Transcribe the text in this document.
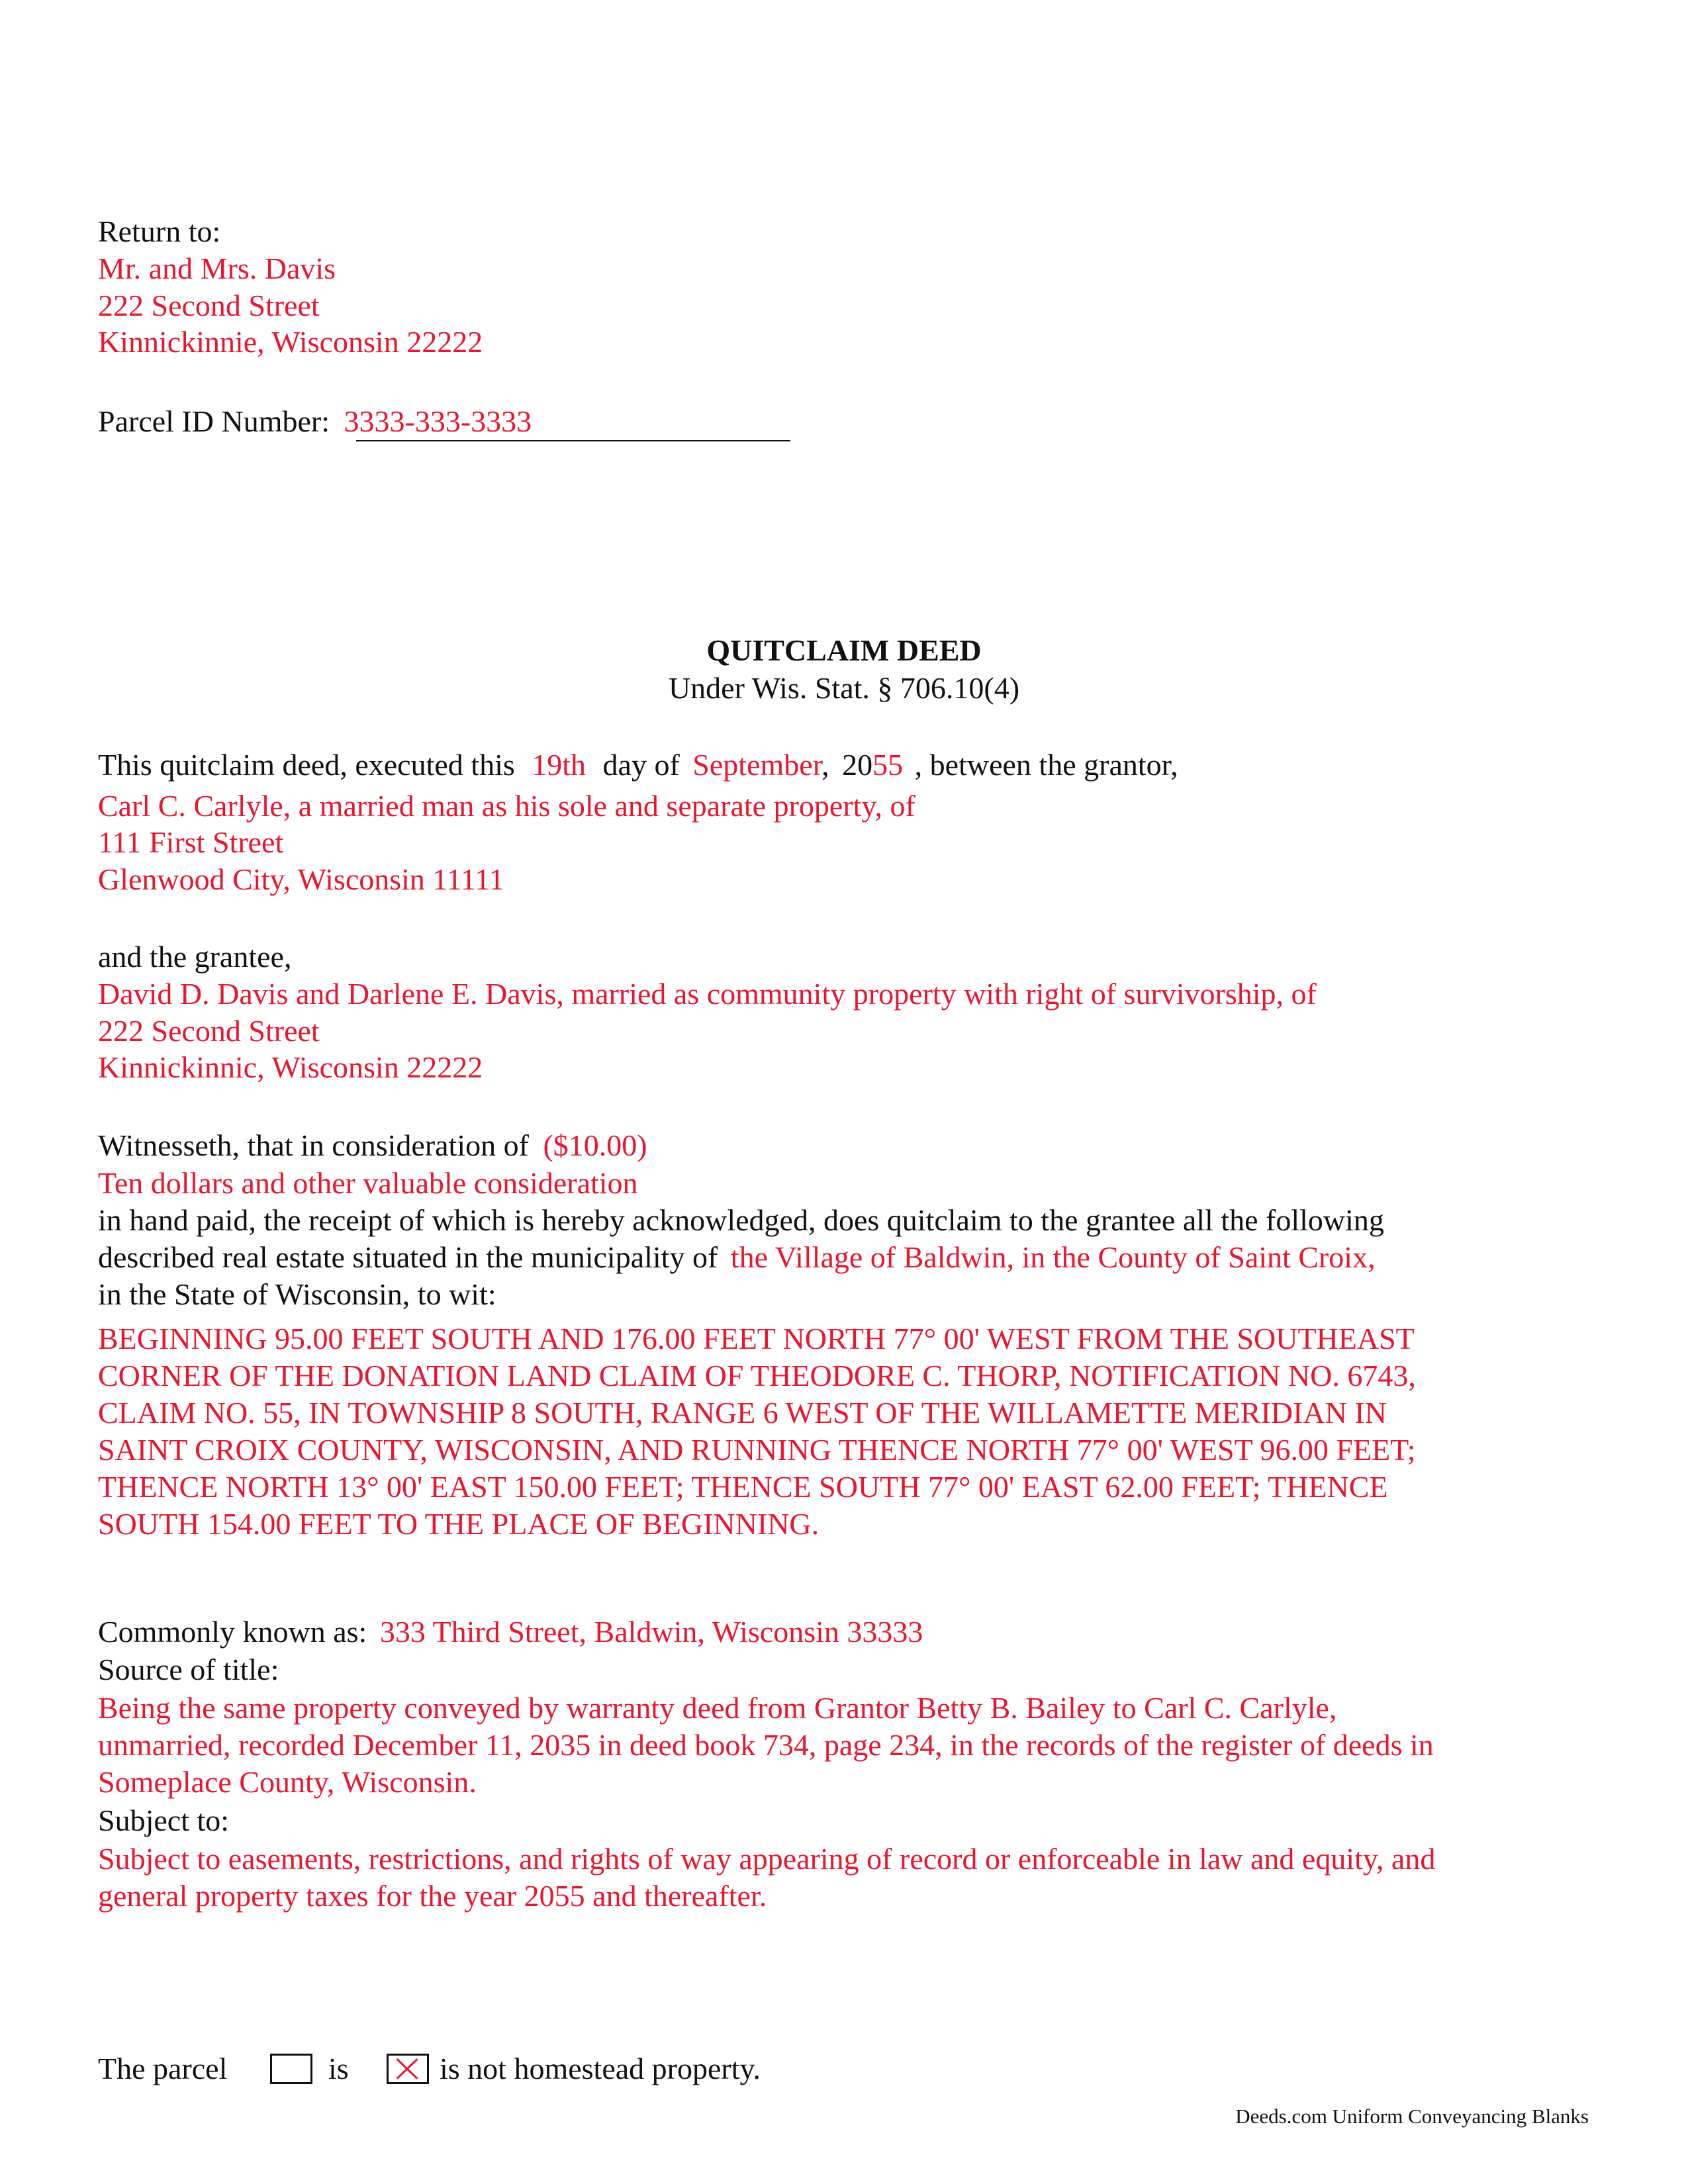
Return to:
Mr. and Mrs. Davis
222 Second Street
Kinnickinnie, Wisconsin 22222
Parcel ID Number: 3333-333-3333
QUITCLAIM DEED
Under Wis. Stat. § 706.10(4)
This quitclaim deed, executed this 19th day of September, 2055 , between the grantor,
Carl C. Carlyle, a married man as his sole and separate property, of
111 First Street
Glenwood City, Wisconsin 11111
and the grantee,
David D. Davis and Darlene E. Davis, married as community property with right of survivorship, of
222 Second Street
Kinnickinnic, Wisconsin 22222
Witnesseth, that in consideration of ($10.00)
Ten dollars and other valuable consideration
in hand paid, the receipt of which is hereby acknowledged, does quitclaim to the grantee all the following
described real estate situated in the municipality of the Village of Baldwin, in the County of Saint Croix,
in the State of Wisconsin, to wit:
BEGINNING 95.00 FEET SOUTH AND 176.00 FEET NORTH 77° 00' WEST FROM THE SOUTHEAST
CORNER OF THE DONATION LAND CLAIM OF THEODORE C. THORP, NOTIFICATION NO. 6743,
CLAIM NO. 55, IN TOWNSHIP 8 SOUTH, RANGE 6 WEST OF THE WILLAMETTE MERIDIAN IN
SAINT CROIX COUNTY, WISCONSIN, AND RUNNING THENCE NORTH 77° 00' WEST 96.00 FEET;
THENCE NORTH 13° 00' EAST 150.00 FEET; THENCE SOUTH 77° 00' EAST 62.00 FEET; THENCE
SOUTH 154.00 FEET TO THE PLACE OF BEGINNING.
Commonly known as: 333 Third Street, Baldwin, Wisconsin 33333
Source of title:
Being the same property conveyed by warranty deed from Grantor Betty B. Bailey to Carl C. Carlyle,
unmarried, recorded December 11, 2035 in deed book 734, page 234, in the records of the register of deeds in
Someplace County, Wisconsin.
Subject to:
Subject to easements, restrictions, and rights of way appearing of record or enforceable in law and equity, and
general property taxes for the year 2055 and thereafter.
The parcel	is	is not homestead property.
Deeds.com Uniform Conveyancing Blanks
